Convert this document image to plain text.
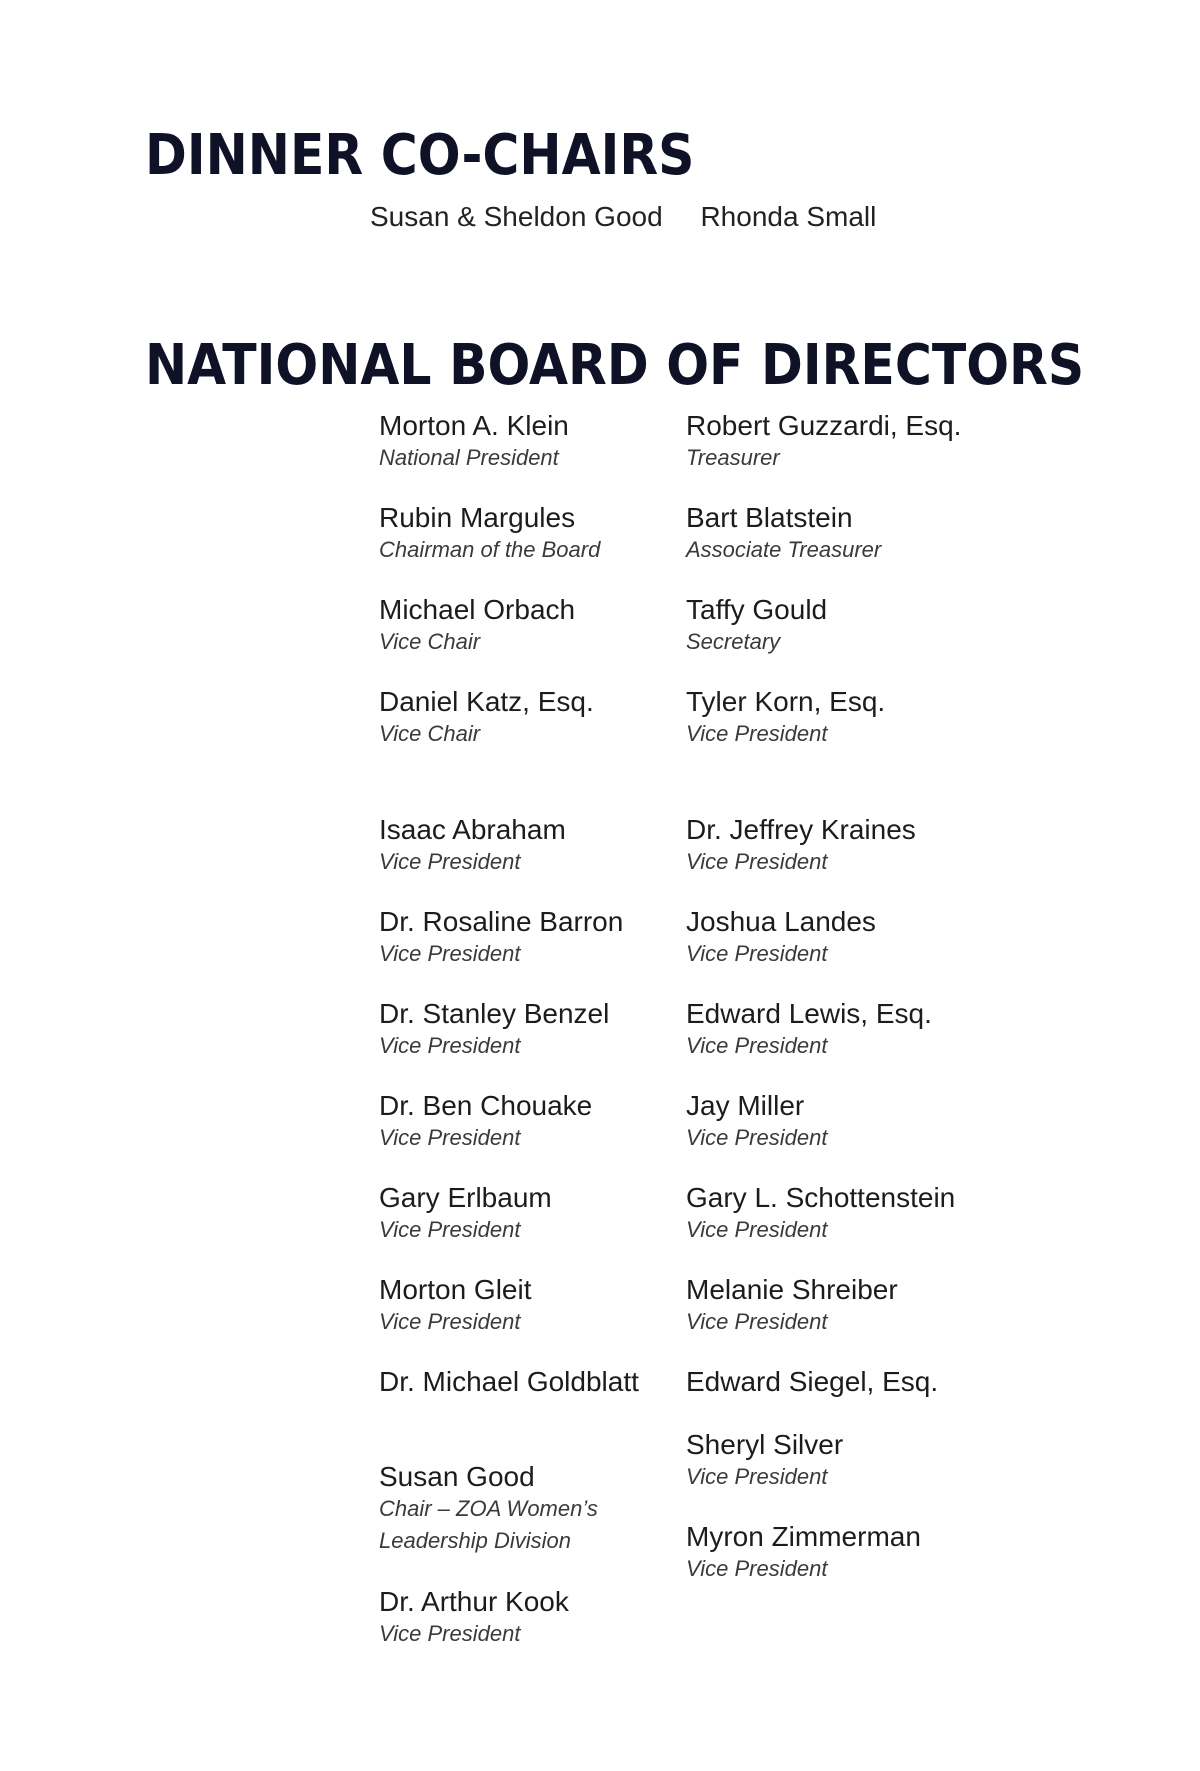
DINNER CO-CHAIRS
Susan & Sheldon Good Rhonda Small
NATIONAL BOARD OF DIRECTORS
Morton A. Klein
National President
Rubin Margules
Chairman of the Board
Michael Orbach
Vice Chair
Daniel Katz, Esq.
Vice Chair
Isaac Abraham
Vice President
Dr. Rosaline Barron
Vice President
Dr. Stanley Benzel
Vice President
Dr. Ben Chouake
Vice President
Gary Erlbaum
Vice President
Morton Gleit
Vice President
Dr. Michael Goldblatt
Susan Good
Chair – ZOA Women’s Leadership Division
Dr. Arthur Kook
Vice President
Robert Guzzardi, Esq.
Treasurer
Bart Blatstein
Associate Treasurer
Taffy Gould
Secretary
Tyler Korn, Esq.
Vice President
Dr. Jeffrey Kraines
Vice President
Joshua Landes
Vice President
Edward Lewis, Esq.
Vice President
Jay Miller
Vice President
Gary L. Schottenstein
Vice President
Melanie Shreiber
Vice President
Edward Siegel, Esq.
Sheryl Silver
Vice President
Myron Zimmerman
Vice President
